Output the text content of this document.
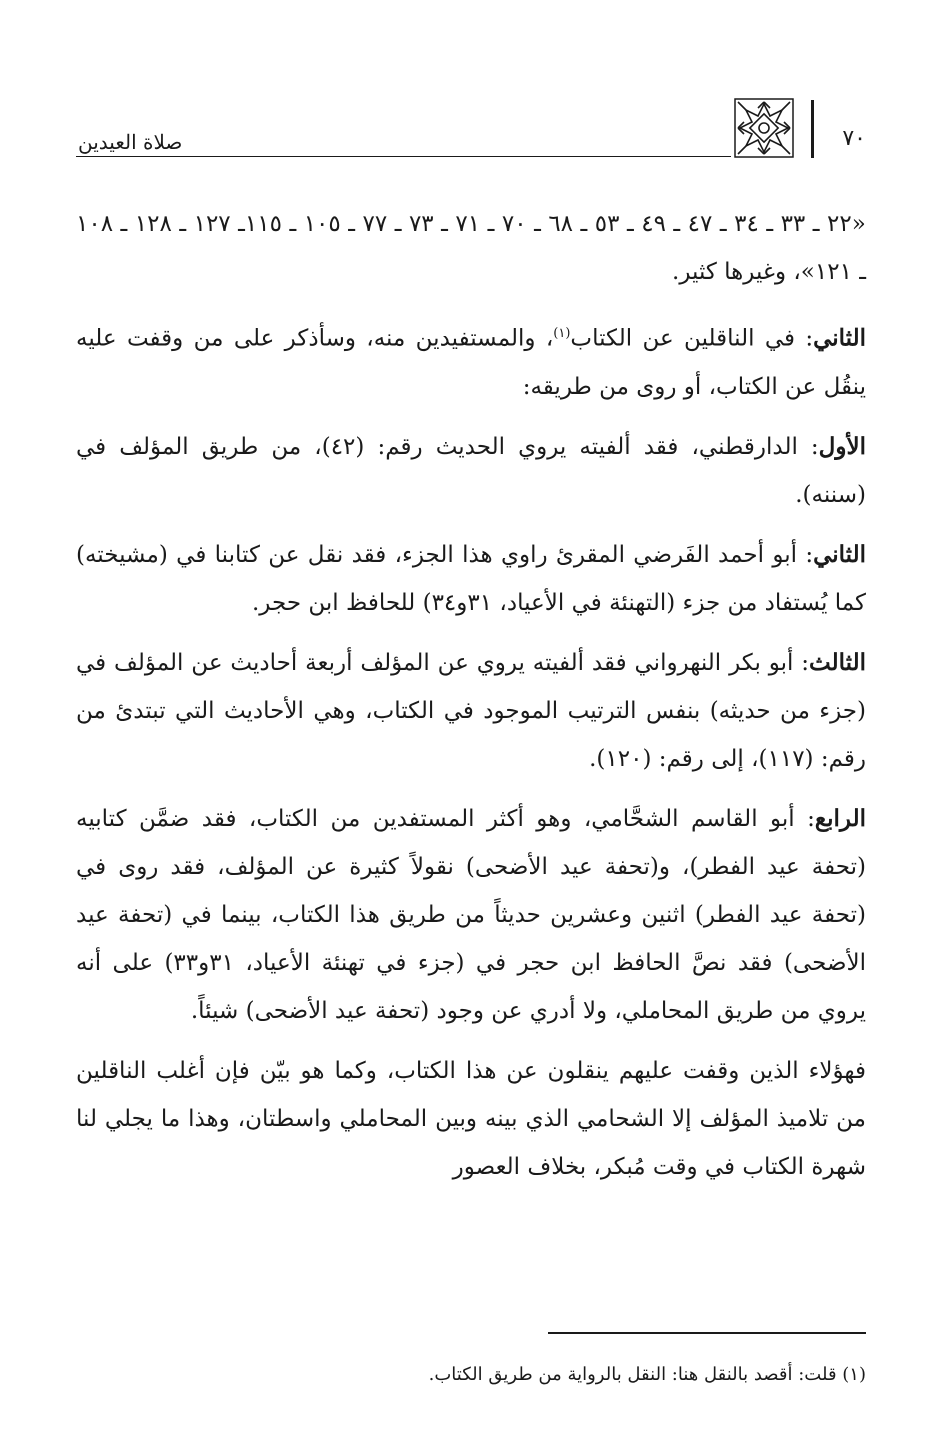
٧٠
صلاة العيدين

«٢٢ ـ ٣٣ ـ ٣٤ ـ ٤٧ ـ ٤٩ ـ ٥٣ ـ ٦٨ ـ ٧٠ ـ ٧١ ـ ٧٣ ـ ٧٧ ـ ١٠٥ ـ ١١٥ـ ١٢٧ ـ ١٢٨ ـ ١٠٨ ـ ١٢١»، وغيرها كثير.

الثاني: في الناقلين عن الكتاب$^{(١)}$، والمستفيدين منه، وسأذكر على من وقفت عليه ينقُل عن الكتاب، أو روى من طريقه:

الأول: الدارقطني، فقد ألفيته يروي الحديث رقم: (٤٢)، من طريق المؤلف في (سننه).

الثاني: أبو أحمد الفَرضي المقرئ راوي هذا الجزء، فقد نقل عن كتابنا في (مشيخته) كما يُستفاد من جزء (التهنئة في الأعياد، ٣١و٣٤) للحافظ ابن حجر.

الثالث: أبو بكر النهرواني فقد ألفيته يروي عن المؤلف أربعة أحاديث عن المؤلف في (جزء من حديثه) بنفس الترتيب الموجود في الكتاب، وهي الأحاديث التي تبتدئ من رقم: (١١٧)، إلى رقم: (١٢٠).

الرابع: أبو القاسم الشحَّامي، وهو أكثر المستفدين من الكتاب، فقد ضمَّن كتابيه (تحفة عيد الفطر)، و(تحفة عيد الأضحى) نقولاً كثيرة عن المؤلف، فقد روى في (تحفة عيد الفطر) اثنين وعشرين حديثاً من طريق هذا الكتاب، بينما في (تحفة عيد الأضحى) فقد نصَّ الحافظ ابن حجر في (جزء في تهنئة الأعياد، ٣١و٣٣) على أنه يروي من طريق المحاملي، ولا أدري عن وجود (تحفة عيد الأضحى) شيئاً.

فهؤلاء الذين وقفت عليهم ينقلون عن هذا الكتاب، وكما هو بيّن فإن أغلب الناقلين من تلاميذ المؤلف إلا الشحامي الذي بينه وبين المحاملي واسطتان، وهذا ما يجلي لنا شهرة الكتاب في وقت مُبكر، بخلاف العصور

(١) قلت: أقصد بالنقل هنا: النقل بالرواية من طريق الكتاب.
